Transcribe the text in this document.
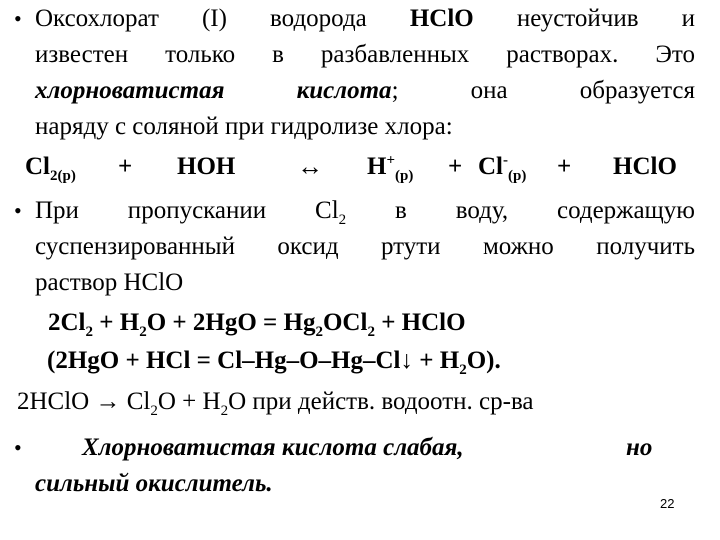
• Оксохлорат (I) водорода HClO неустойчив и
известен только в разбавленных растворах. Это
хлорноватистая кислота; она образуется
наряду с соляной при гидролизе хлора:
$Cl_{2(р)}$ + HOH ↔ $H^+_{(р)} + Cl^-_{(р)}$ + HClO
• При пропускании $Cl_2$ в воду, содержащую
суспензированный оксид ртути можно получить
раствор HClO
$2Cl_2 + H_2O + 2HgO = Hg_2OCl_2$ + HClO
(2HgO + HCl = Cl–Hg–O–Hg–Cl↓ + $H_2O$).
2HClO → $Cl_2O + H_2O$ при действ. водоотн. ср-ва
• Хлорноватистая кислота слабая,	но
сильный окислитель.
22
